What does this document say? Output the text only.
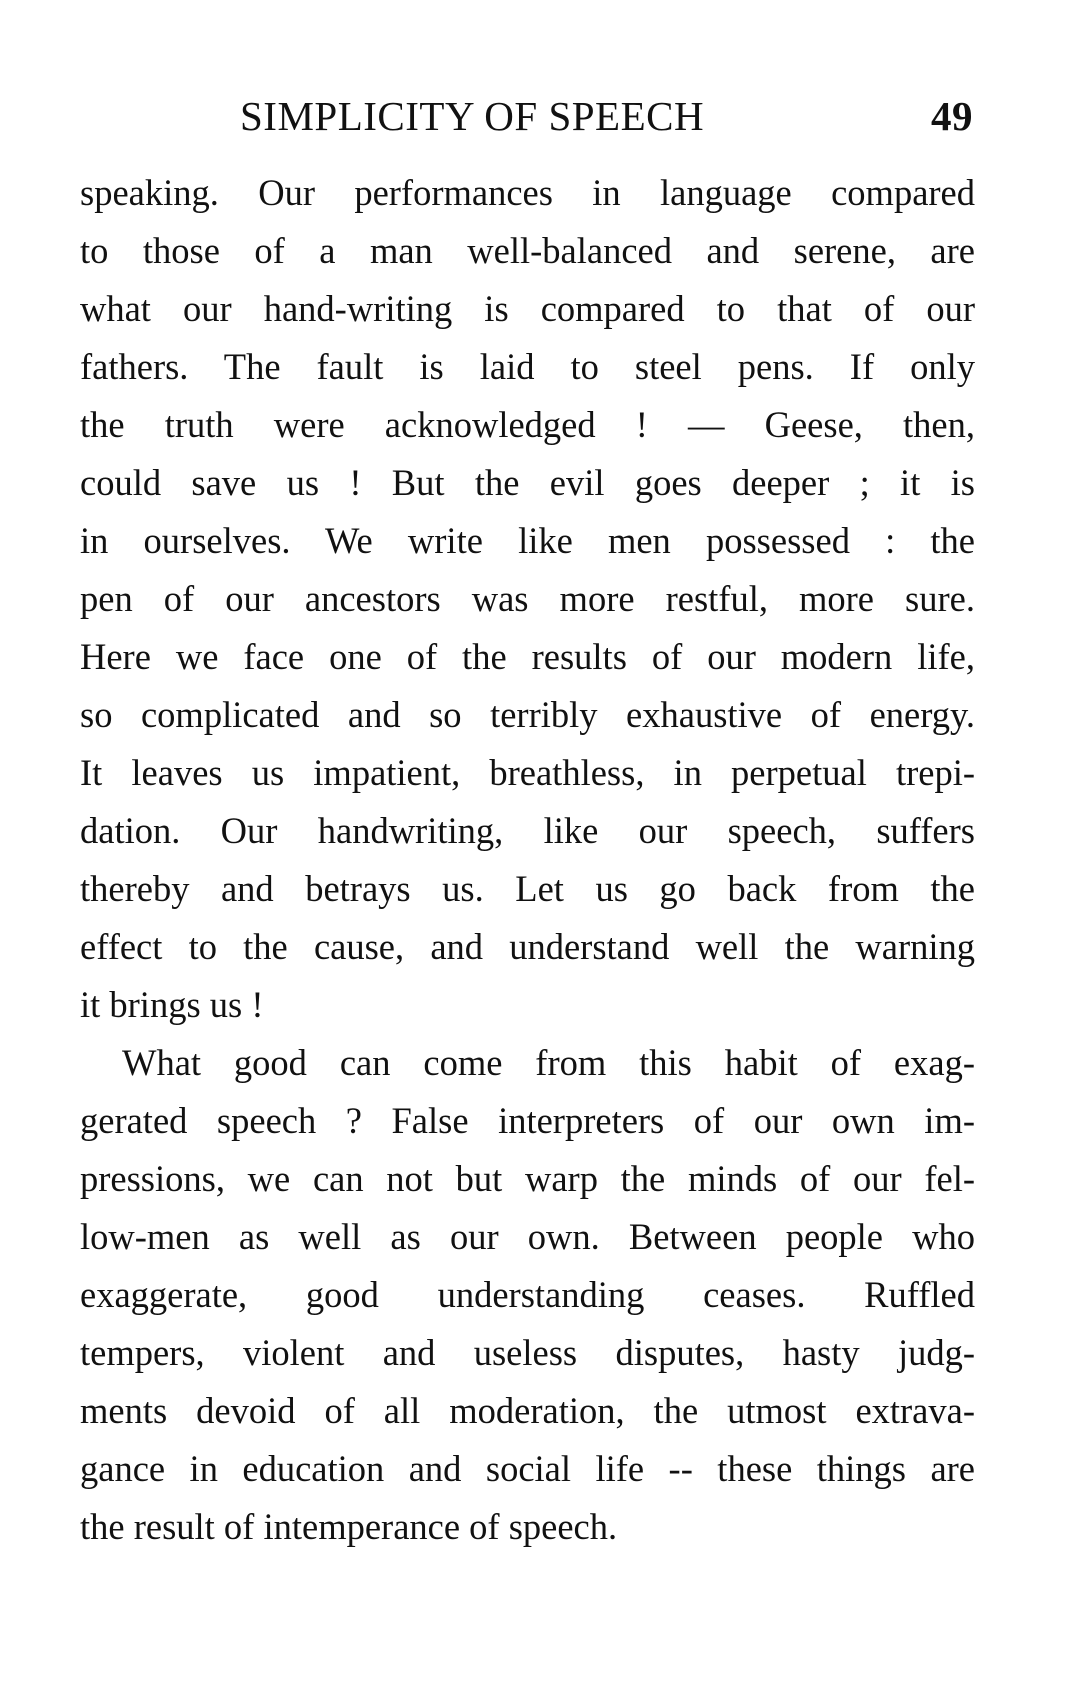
SIMPLICITY OF SPEECH	49
speaking. Our performances in language compared
to those of a man well-balanced and serene, are
what our hand-writing is compared to that of our
fathers. The fault is laid to steel pens. If only
the truth were acknowledged ! — Geese, then,
could save us ! But the evil goes deeper ; it is
in ourselves. We write like men possessed : the
pen of our ancestors was more restful, more sure.
Here we face one of the results of our modern life,
so complicated and so terribly exhaustive of energy.
It leaves us impatient, breathless, in perpetual trepi-
dation. Our handwriting, like our speech, suffers
thereby and betrays us. Let us go back from the
effect to the cause, and understand well the warning
it brings us !
What good can come from this habit of exag-
gerated speech ? False interpreters of our own im-
pressions, we can not but warp the minds of our fel-
low-men as well as our own. Between people who
exaggerate, good understanding ceases. Ruffled
tempers, violent and useless disputes, hasty judg-
ments devoid of all moderation, the utmost extrava-
gance in education and social life -- these things are
the result of intemperance of speech.
